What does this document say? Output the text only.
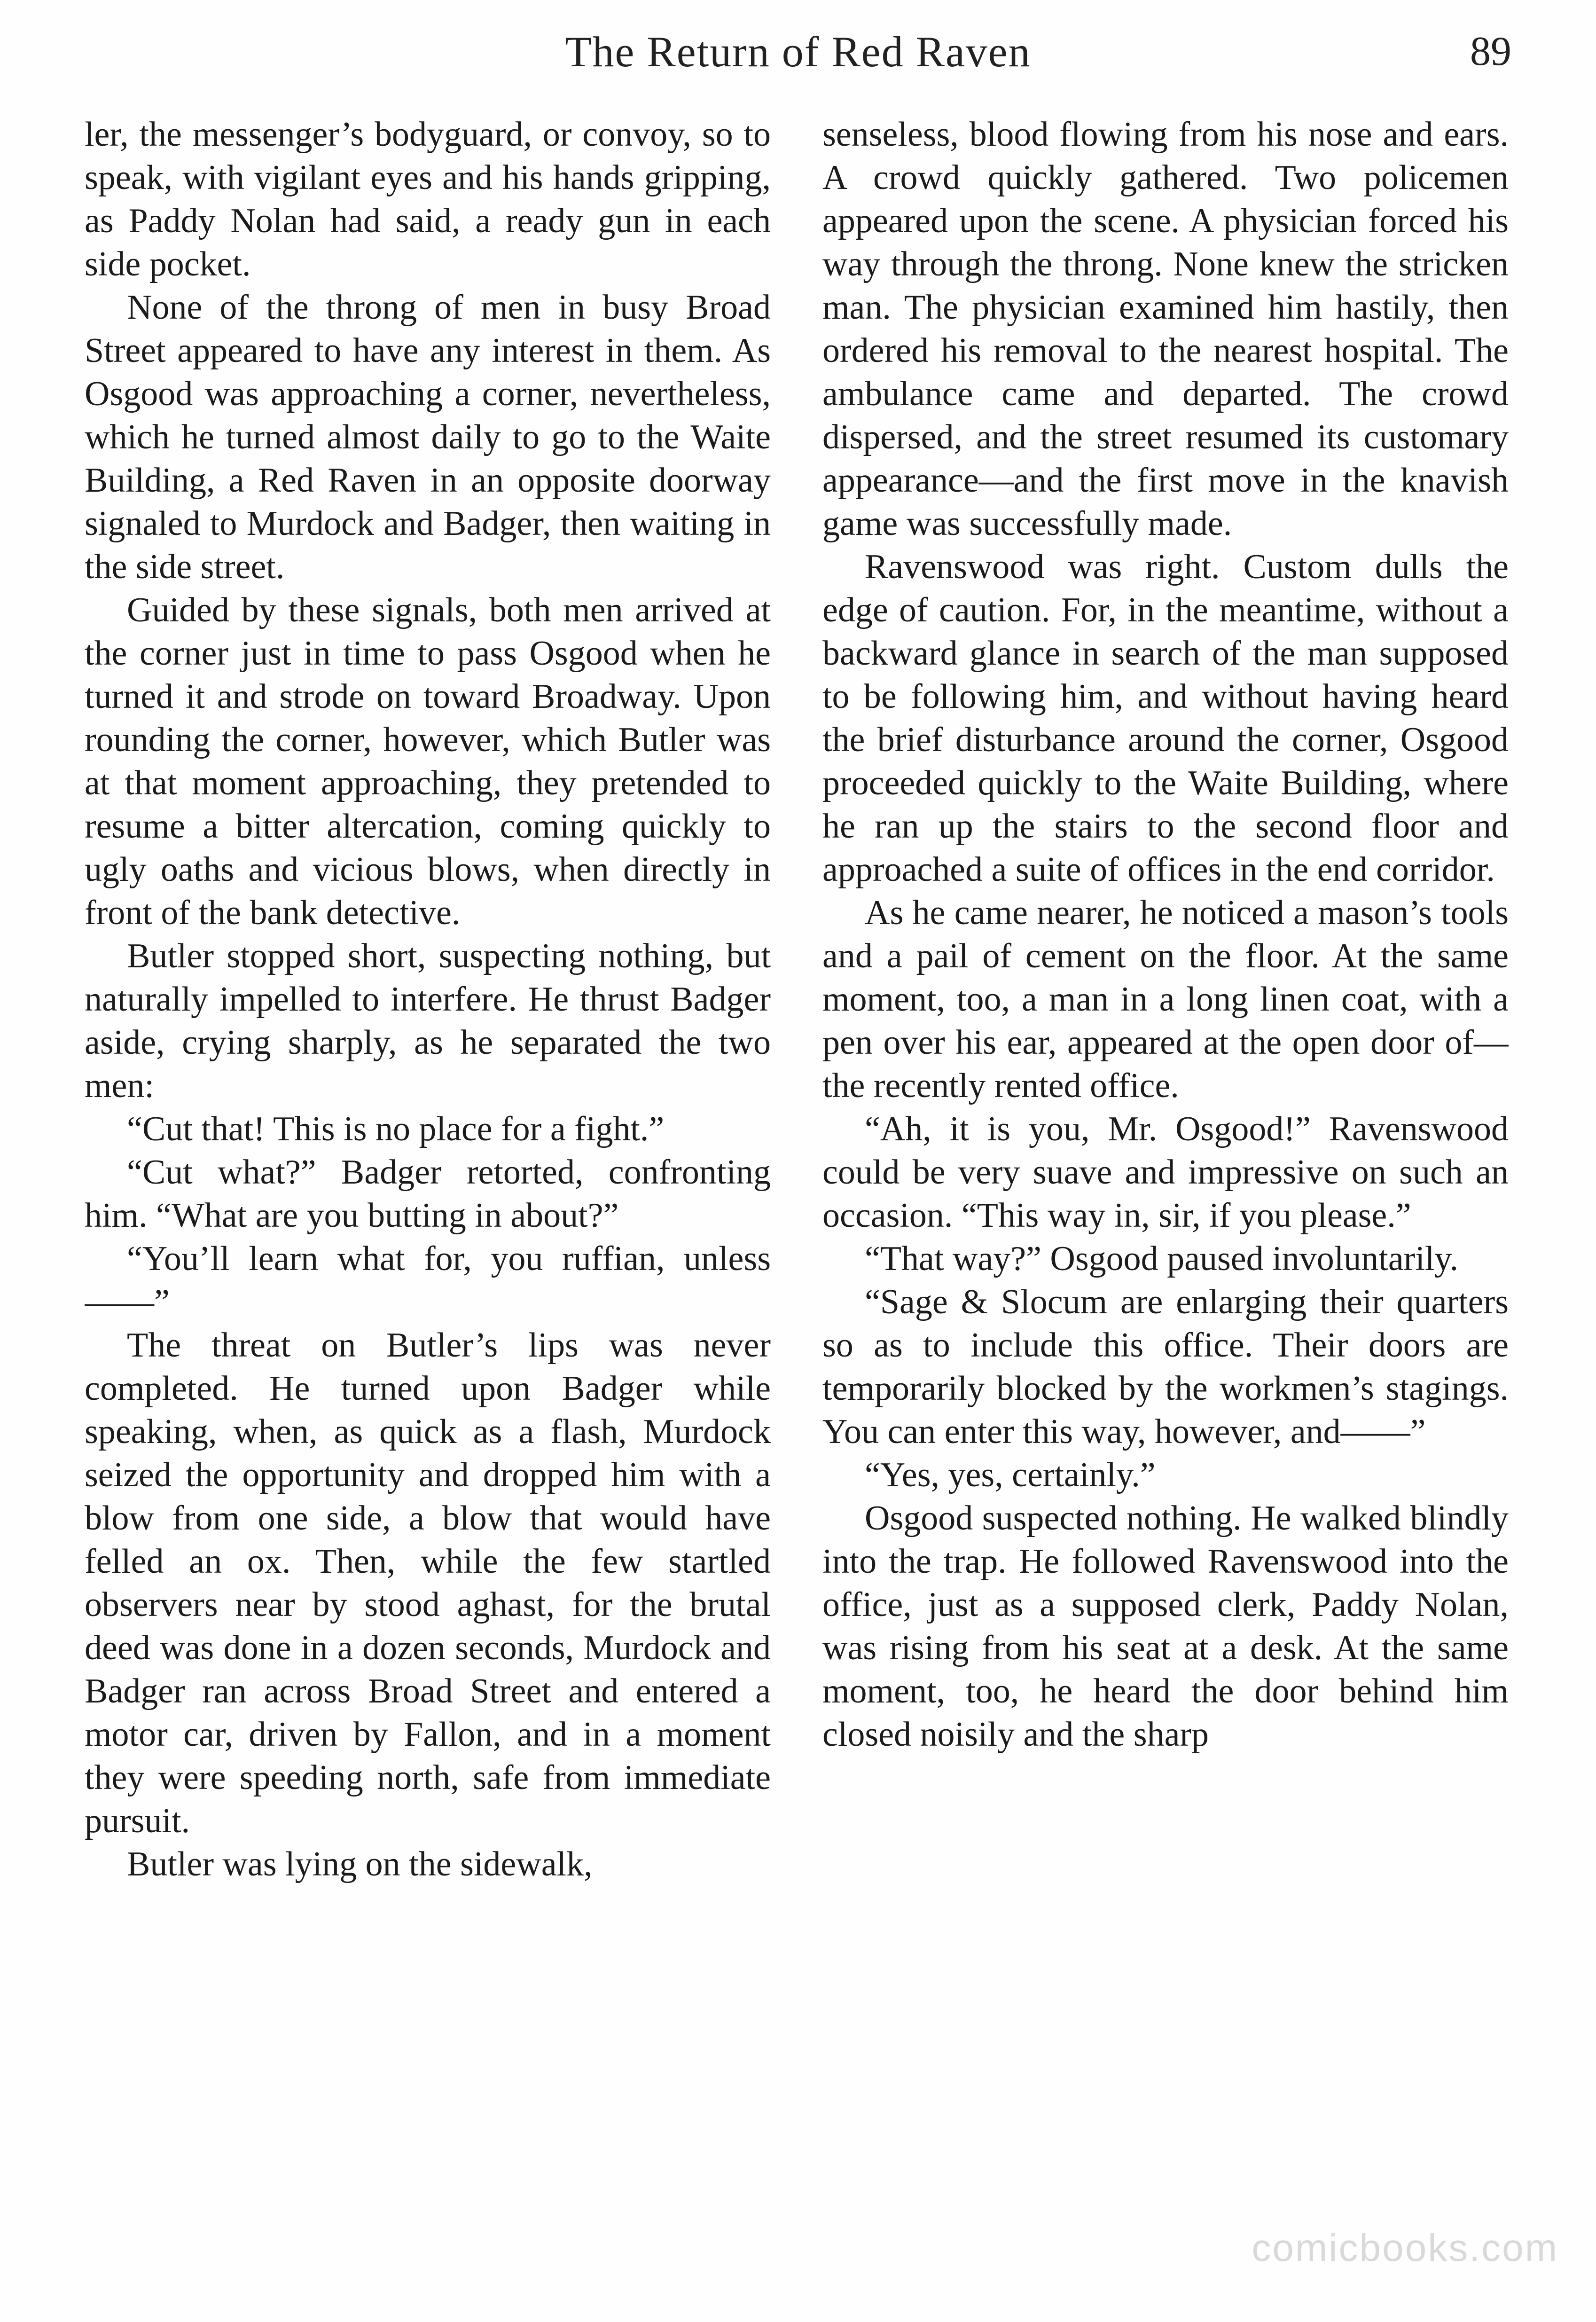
The Return of Red Raven	89

ler, the messenger’s bodyguard, or convoy, so to speak, with vigilant eyes and his hands gripping, as Paddy Nolan had said, a ready gun in each side pocket.

None of the throng of men in busy Broad Street appeared to have any interest in them. As Osgood was approaching a corner, nevertheless, which he turned almost daily to go to the Waite Building, a Red Raven in an opposite doorway signaled to Murdock and Badger, then waiting in the side street.

Guided by these signals, both men arrived at the corner just in time to pass Osgood when he turned it and strode on toward Broadway. Upon rounding the corner, however, which Butler was at that moment approaching, they pretended to resume a bitter altercation, coming quickly to ugly oaths and vicious blows, when directly in front of the bank detective.

Butler stopped short, suspecting nothing, but naturally impelled to interfere. He thrust Badger aside, crying sharply, as he separated the two men:

“Cut that! This is no place for a fight.”

“Cut what?” Badger retorted, confronting him. “What are you butting in about?”

“You’ll learn what for, you ruffian, unless——”

The threat on Butler’s lips was never completed. He turned upon Badger while speaking, when, as quick as a flash, Murdock seized the opportunity and dropped him with a blow from one side, a blow that would have felled an ox. Then, while the few startled observers near by stood aghast, for the brutal deed was done in a dozen seconds, Murdock and Badger ran across Broad Street and entered a motor car, driven by Fallon, and in a moment they were speeding north, safe from immediate pursuit.

Butler was lying on the sidewalk,

senseless, blood flowing from his nose and ears. A crowd quickly gathered. Two policemen appeared upon the scene. A physician forced his way through the throng. None knew the stricken man. The physician examined him hastily, then ordered his removal to the nearest hospital. The ambulance came and departed. The crowd dispersed, and the street resumed its customary appearance—and the first move in the knavish game was successfully made.

Ravenswood was right. Custom dulls the edge of caution. For, in the meantime, without a backward glance in search of the man supposed to be following him, and without having heard the brief disturbance around the corner, Osgood proceeded quickly to the Waite Building, where he ran up the stairs to the second floor and approached a suite of offices in the end corridor.

As he came nearer, he noticed a mason’s tools and a pail of cement on the floor. At the same moment, too, a man in a long linen coat, with a pen over his ear, appeared at the open door of—the recently rented office.

“Ah, it is you, Mr. Osgood!” Ravenswood could be very suave and impressive on such an occasion. “This way in, sir, if you please.”

“That way?” Osgood paused involuntarily.

“Sage & Slocum are enlarging their quarters so as to include this office. Their doors are temporarily blocked by the workmen’s stagings. You can enter this way, however, and——”

“Yes, yes, certainly.”

Osgood suspected nothing. He walked blindly into the trap. He followed Ravenswood into the office, just as a supposed clerk, Paddy Nolan, was rising from his seat at a desk. At the same moment, too, he heard the door behind him closed noisily and the sharp

comicbooks.com
